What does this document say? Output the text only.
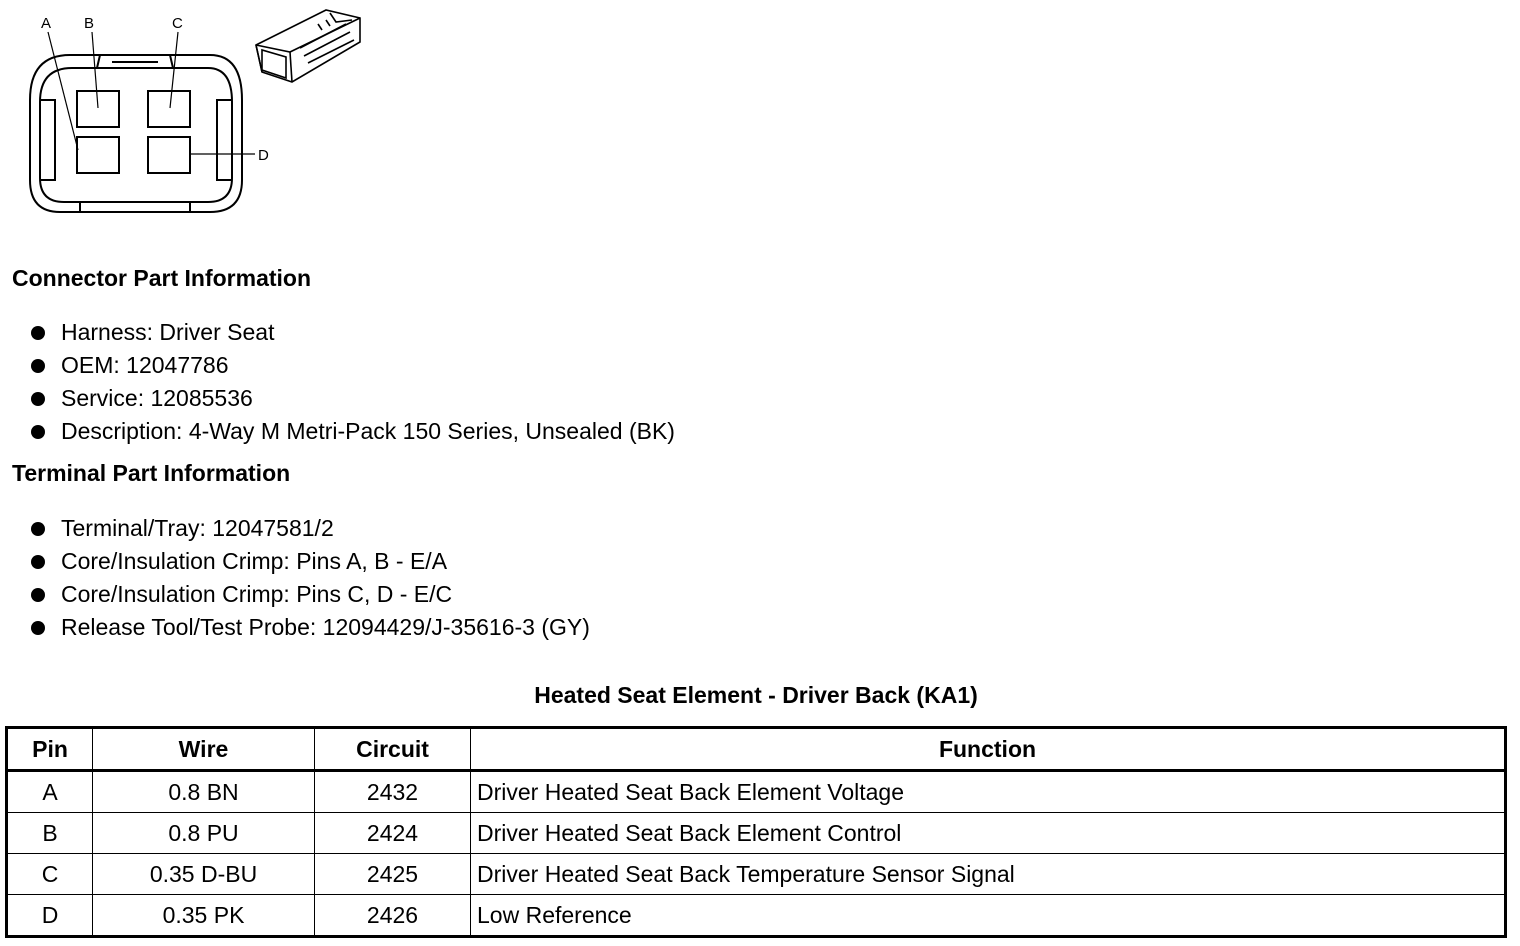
A B	C
D
Connector Part Information
Harness: Driver Seat
OEM: 12047786
Service: 12085536
Description: 4-Way M Metri-Pack 150 Series, Unsealed (BK)
Terminal Part Information
Terminal/Tray: 12047581/2
Core/Insulation Crimp: Pins A, B - E/A
Core/Insulation Crimp: Pins C, D - E/C
Release Tool/Test Probe: 12094429/J-35616-3 (GY)
Heated Seat Element - Driver Back (KA1)
Pin	Wire	Circuit	Function
A	0.8 BN	2432	Driver Heated Seat Back Element Voltage
B	0.8 PU	2424	Driver Heated Seat Back Element Control
C	0.35 D-BU	2425	Driver Heated Seat Back Temperature Sensor Signal
D	0.35 PK	2426	Low Reference
